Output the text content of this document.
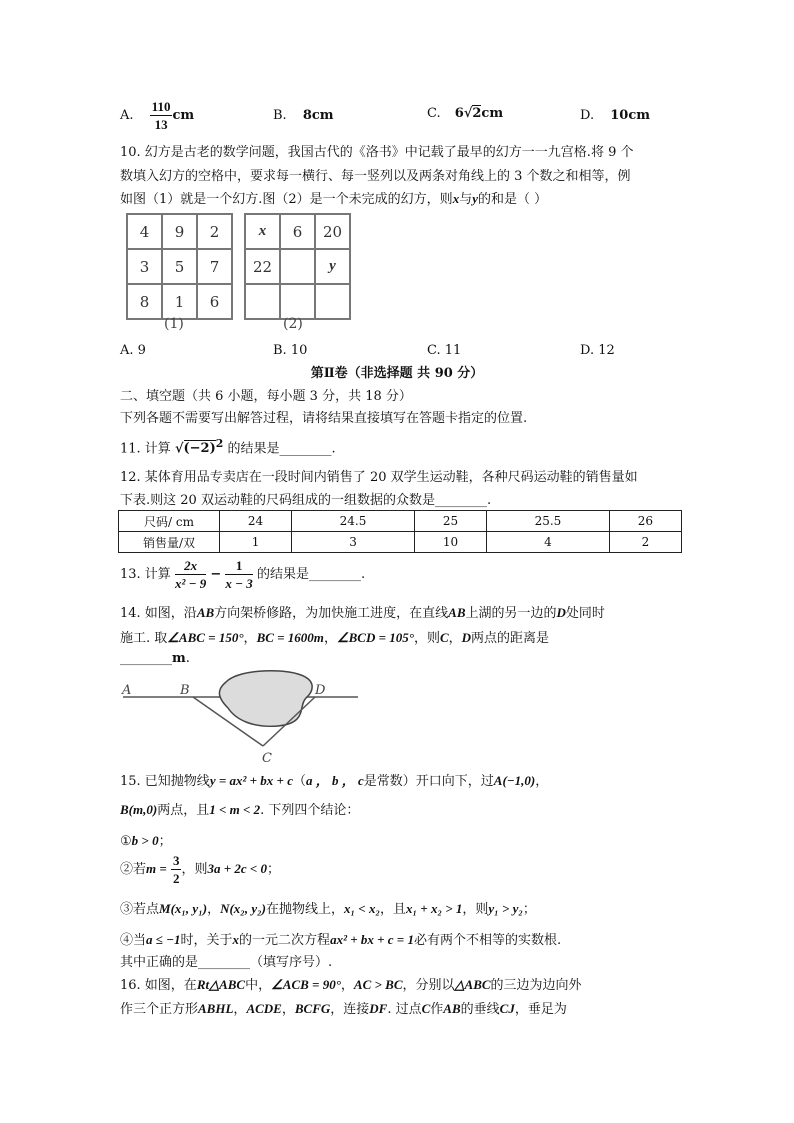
A. $\frac{110}{13}$ cm	B. 8cm	C. 6√2cm	D. 10cm
10. 幻方是古老的数学问题，我国古代的《洛书》中记载了最早的幻方一一九宫格.将 9 个
数填入幻方的空格中，要求每一横行、每一竖列以及两条对角线上的 3 个数之和相等，例
如图（1）就是一个幻方.图（2）是一个未完成的幻方，则x与y的和是（ ）
4	9	2
3	5	7
8	1	6
(1)
x	6	20
22		y

(2)
A. 9	B. 10	C. 11	D. 12
第Ⅱ卷（非选择题 共 90 分）
二、填空题（共 6 小题，每小题 3 分，共 18 分）
下列各题不需要写出解答过程，请将结果直接填写在答题卡指定的位置.
11. 计算 $√(-2)^2$ 的结果是________.
12. 某体育用品专卖店在一段时间内销售了 20 双学生运动鞋，各种尺码运动鞋的销售量如
下表.则这 20 双运动鞋的尺码组成的一组数据的众数是________.
尺码/ cm	24	24.5	25	25.5	26
销售量/双	1	3	10	4	2
13. 计算 $\frac{2x}{\text{x² − 9}} - \frac{1}{x - 3}$ 的结果是________.
14. 如图，沿AB方向架桥修路，为加快施工进度，在直线AB上湖的另一边的D处同时
施工. 取∠ABC = 150°，BC = 1600m，∠BCD = 105°，则C，D两点的距离是
________m.
A	B	D
C
15. 已知抛物线y = ax² + bx + c（a ， b ， c是常数）开口向下，过A(−1,0)，
B(m,0)两点，且1 < m < 2. 下列四个结论：
①b > 0；
②若$m = \frac{3}{2}$ ，则3a + 2c < 0；
③若点M(x₁, y₁)，N(x₂, y₂)在抛物线上，x₁ < x₂，且x₁ + x₂ > 1，则y₁ > y₂；
④当a ≤ −1时，关于x的一元二次方程ax² + bx + c = 1必有两个不相等的实数根.
其中正确的是________（填写序号）.
16. 如图，在Rt△ABC中，∠ACB = 90°，AC > BC，分别以△ABC的三边为边向外
作三个正方形ABHL，ACDE，BCFG，连接DF. 过点C作AB的垂线CJ，垂足为
